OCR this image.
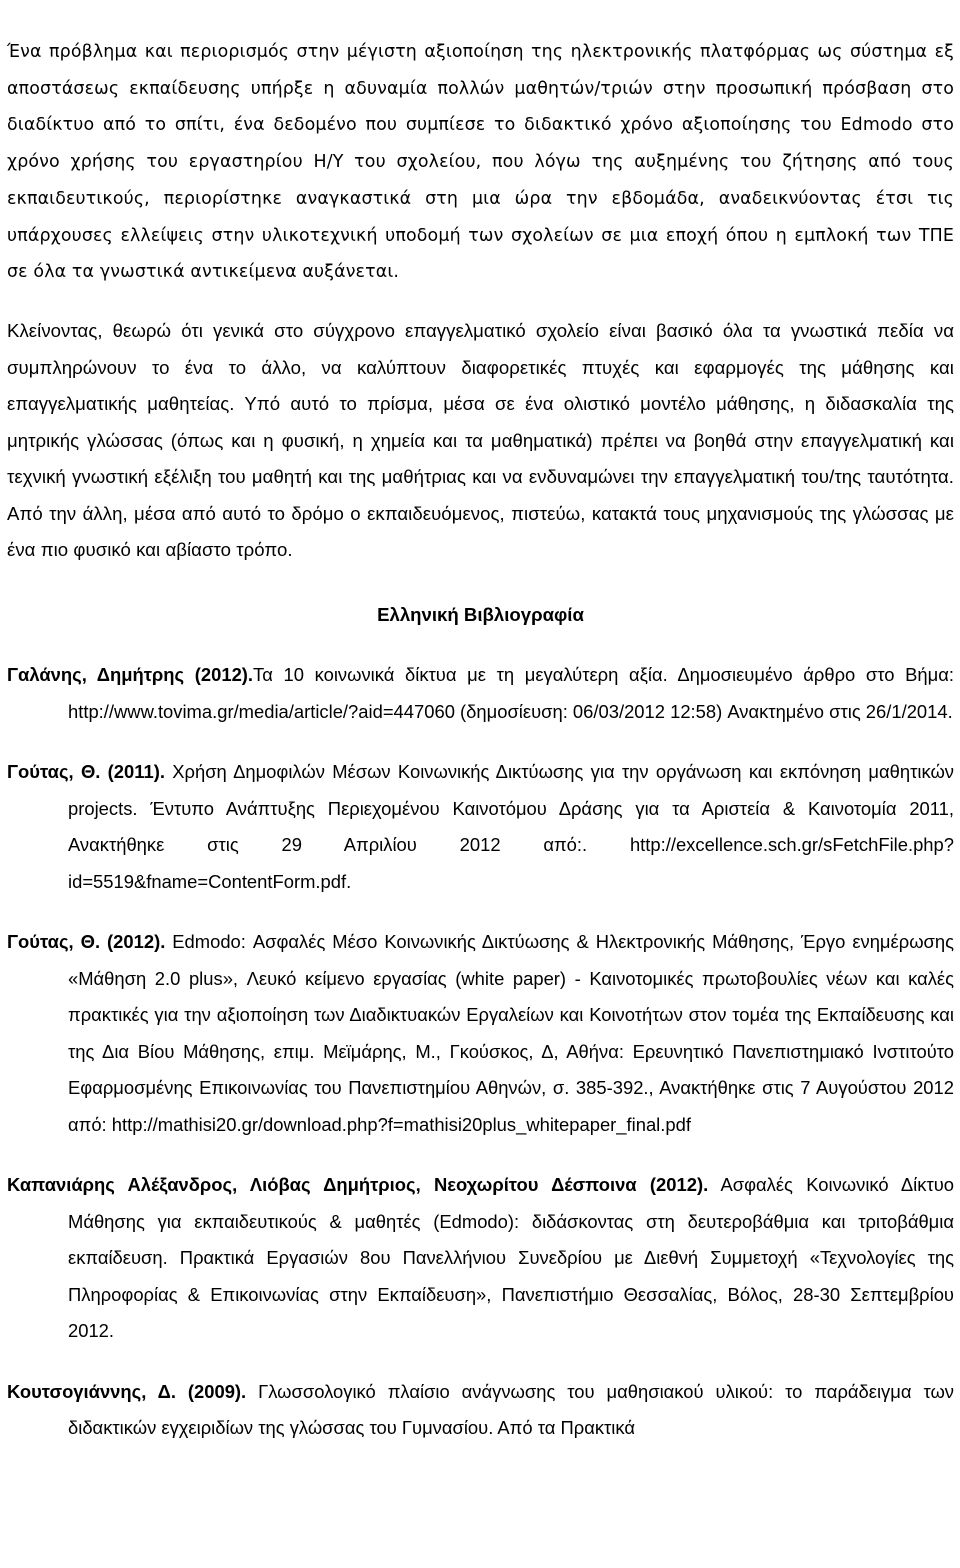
Ένα πρόβλημα και περιορισμός στην μέγιστη αξιοποίηση της ηλεκτρονικής πλατφόρμας ως σύστημα εξ αποστάσεως εκπαίδευσης υπήρξε η αδυναμία πολλών μαθητών/τριών στην προσωπική πρόσβαση στο διαδίκτυο από το σπίτι, ένα δεδομένο που συμπίεσε το διδακτικό χρόνο αξιοποίησης του Edmodo στο χρόνο χρήσης του εργαστηρίου Η/Υ του σχολείου, που λόγω της αυξημένης του ζήτησης από τους εκπαιδευτικούς, περιορίστηκε αναγκαστικά στη μια ώρα την εβδομάδα, αναδεικνύοντας έτσι τις υπάρχουσες ελλείψεις στην υλικοτεχνική υποδομή των σχολείων σε μια εποχή όπου η εμπλοκή των ΤΠΕ σε όλα τα γνωστικά αντικείμενα αυξάνεται.

Κλείνοντας, θεωρώ ότι γενικά στο σύγχρονο επαγγελματικό σχολείο είναι βασικό όλα τα γνωστικά πεδία να συμπληρώνουν το ένα το άλλο, να καλύπτουν διαφορετικές πτυχές και εφαρμογές της μάθησης και επαγγελματικής μαθητείας. Υπό αυτό το πρίσμα, μέσα σε ένα ολιστικό μοντέλο μάθησης, η διδασκαλία της μητρικής γλώσσας (όπως και η φυσική, η χημεία και τα μαθηματικά) πρέπει να βοηθά στην επαγγελματική και τεχνική γνωστική εξέλιξη του μαθητή και της μαθήτριας και να ενδυναμώνει την επαγγελματική του/της ταυτότητα. Από την άλλη, μέσα από αυτό το δρόμο ο εκπαιδευόμενος, πιστεύω, κατακτά τους μηχανισμούς της γλώσσας με ένα πιο φυσικό και αβίαστο τρόπο.

Ελληνική Βιβλιογραφία

Γαλάνης, Δημήτρης (2012).Τα 10 κοινωνικά δίκτυα με τη μεγαλύτερη αξία. Δημοσιευμένο άρθρο στο Βήμα: http://www.tovima.gr/media/article/?aid=447060 (δημοσίευση: 06/03/2012 12:58) Ανακτημένο στις 26/1/2014.

Γούτας, Θ. (2011). Χρήση Δημοφιλών Μέσων Κοινωνικής Δικτύωσης για την οργάνωση και εκπόνηση μαθητικών projects. Έντυπο Ανάπτυξης Περιεχομένου Καινοτόμου Δράσης για τα Αριστεία & Καινοτομία 2011, Ανακτήθηκε στις 29 Απριλίου 2012 από:. http://excellence.sch.gr/sFetchFile.php?id=5519&fname=ContentForm.pdf.

Γούτας, Θ. (2012). Edmodo: Ασφαλές Μέσο Κοινωνικής Δικτύωσης & Ηλεκτρονικής Μάθησης, Έργο ενημέρωσης «Μάθηση 2.0 plus», Λευκό κείμενο εργασίας (white paper) - Καινοτομικές πρωτοβουλίες νέων και καλές πρακτικές για την αξιοποίηση των Διαδικτυακών Εργαλείων και Κοινοτήτων στον τομέα της Εκπαίδευσης και της Δια Βίου Μάθησης, επιμ. Μεϊμάρης, Μ., Γκούσκος, Δ, Αθήνα: Ερευνητικό Πανεπιστημιακό Ινστιτούτο Εφαρμοσμένης Επικοινωνίας του Πανεπιστημίου Αθηνών, σ. 385-392., Ανακτήθηκε στις 7 Αυγούστου 2012 από: http://mathisi20.gr/download.php?f=mathisi20plus_whitepaper_final.pdf

Καπανιάρης Αλέξανδρος, Λιόβας Δημήτριος, Νεοχωρίτου Δέσποινα (2012). Ασφαλές Κοινωνικό Δίκτυο Μάθησης για εκπαιδευτικούς & μαθητές (Edmodo): διδάσκοντας στη δευτεροβάθμια και τριτοβάθμια εκπαίδευση. Πρακτικά Εργασιών 8ου Πανελλήνιου Συνεδρίου με Διεθνή Συμμετοχή «Τεχνολογίες της Πληροφορίας & Επικοινωνίας στην Εκπαίδευση», Πανεπιστήμιο Θεσσαλίας, Βόλος, 28-30 Σεπτεμβρίου 2012.

Κουτσογιάννης, Δ. (2009). Γλωσσολογικό πλαίσιο ανάγνωσης του μαθησιακού υλικού: το παράδειγμα των διδακτικών εγχειριδίων της γλώσσας του Γυμνασίου. Από τα Πρακτικά
